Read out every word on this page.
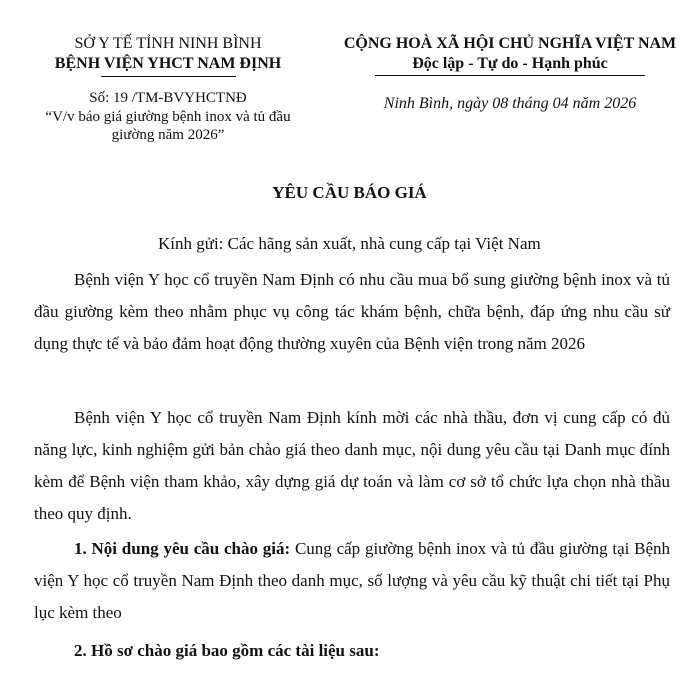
SỞ Y TẾ TỈNH NINH BÌNH
BỆNH VIỆN YHCT NAM ĐỊNH
Số: 19 /TM-BVYHCTNĐ
“V/v báo giá giường bệnh inox và tủ đầu giường năm 2026”
CỘNG HOÀ XÃ HỘI CHỦ NGHĨA VIỆT NAM
Độc lập - Tự do - Hạnh phúc
Ninh Bình, ngày 08 tháng 04 năm 2026
YÊU CẦU BÁO GIÁ
Kính gửi: Các hãng sản xuất, nhà cung cấp tại Việt Nam
Bệnh viện Y học cổ truyền Nam Định có nhu cầu mua bổ sung giường bệnh inox và tủ đầu giường kèm theo nhằm phục vụ công tác khám bệnh, chữa bệnh, đáp ứng nhu cầu sử dụng thực tế và bảo đảm hoạt động thường xuyên của Bệnh viện trong năm 2026
Bệnh viện Y học cổ truyền Nam Định kính mời các nhà thầu, đơn vị cung cấp có đủ năng lực, kinh nghiệm gửi bản chào giá theo danh mục, nội dung yêu cầu tại Danh mục đính kèm để Bệnh viện tham khảo, xây dựng giá dự toán và làm cơ sở tổ chức lựa chọn nhà thầu theo quy định.
1. Nội dung yêu cầu chào giá: Cung cấp giường bệnh inox và tủ đầu giường tại Bệnh viện Y học cổ truyền Nam Định theo danh mục, số lượng và yêu cầu kỹ thuật chi tiết tại Phụ lục kèm theo
2. Hồ sơ chào giá bao gồm các tài liệu sau:
